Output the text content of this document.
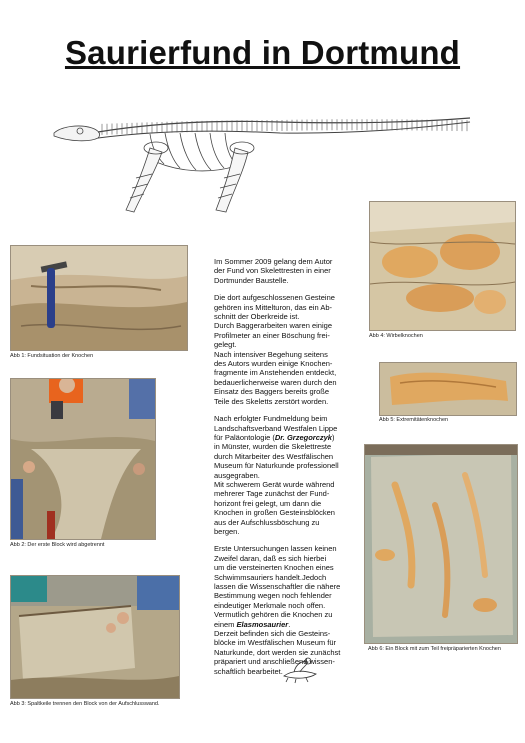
Saurierfund in Dortmund
Abb 1: Fundsituation der Knochen
Abb 2: Der erste Block wird abgetrennt
Abb 3: Spaltkeile trennen den Block von der Aufschlusswand.
Abb 4: Wirbelknochen
Abb 5: Extremitätenknochen
Abb 6: Ein Block mit zum Teil freipräparierten Knochen

Im Sommer 2009 gelang dem Autor
der Fund von Skelettresten in einer
Dortmunder Baustelle.

Die dort aufgeschlossenen Gesteine
gehören ins Mittelturon, das ein Ab-
schnitt der Oberkreide ist.
Durch Baggerarbeiten waren einige
Profilmeter an einer Böschung frei-
gelegt.
Nach intensiver Begehung seitens
des Autors wurden einige Knochen-
fragmente im Anstehenden entdeckt,
bedauerlicherweise waren durch den
Einsatz des Baggers bereits große
Teile des Skeletts zerstört worden.

Nach erfolgter Fundmeldung beim
Landschaftsverband Westfalen Lippe
für Paläontologie (Dr. Grzegorczyk)
in Münster, wurden die Skelettreste
durch Mitarbeiter des Westfälischen
Museum für Naturkunde professionell
ausgegraben.
Mit schwerem Gerät wurde während
mehrerer Tage zunächst der Fund-
horizont frei gelegt, um dann die
Knochen in großen Gesteinsblöcken
aus der Aufschlussböschung zu
bergen.

Erste Untersuchungen lassen keinen
Zweifel daran, daß es sich hierbei
um die versteinerten Knochen eines
Schwimmsauriers handelt.Jedoch
lassen die Wissenschaftler die nähere
Bestimmung wegen noch fehlender
eindeutiger Merkmale noch offen.
Vermutlich gehören die Knochen zu
einem Elasmosaurier.
Derzeit befinden sich die Gesteins-
blöcke im Westfälischen Museum für
Naturkunde, dort werden sie zunächst
präpariert und anschließend wissen-
schaftlich bearbeitet.
